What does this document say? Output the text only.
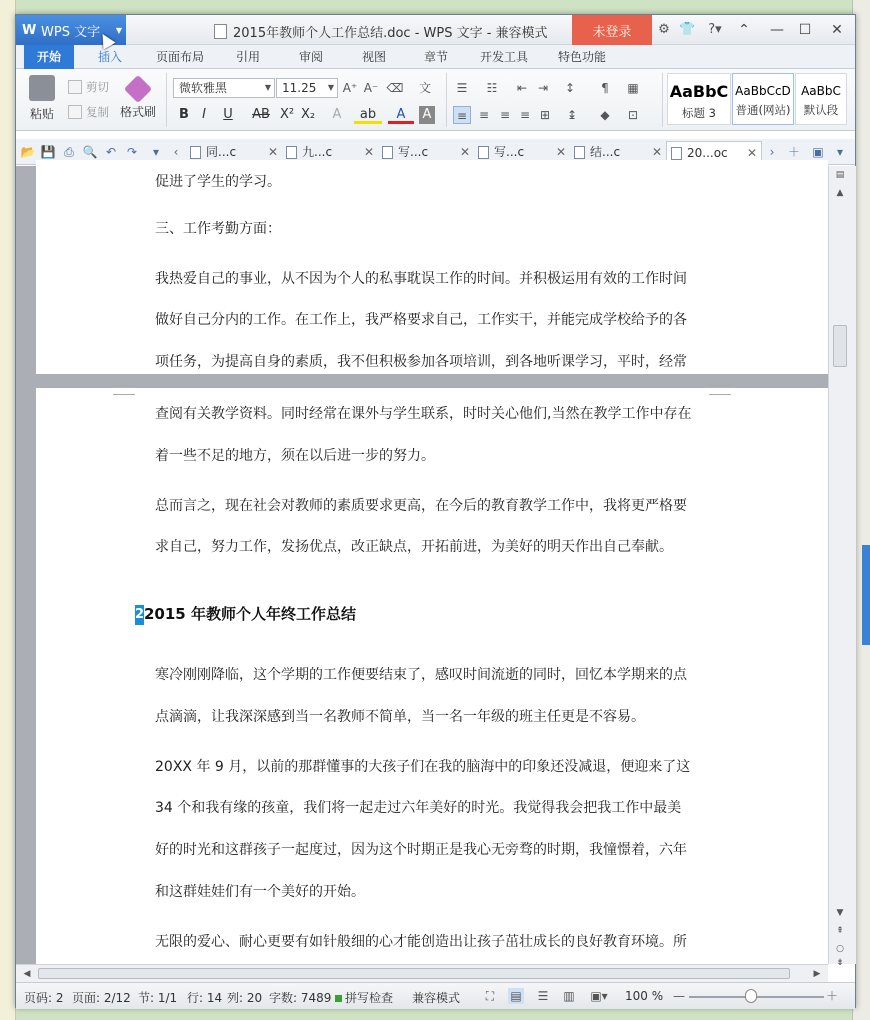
W WPS 文字 ▼	2015年教师个人工作总结.doc - WPS 文字 - 兼容模式	未登录	⚙ 👕	?▾	⌃	—	☐	✕
开始	插入	页面布局	引用	审阅	视图	章节	开发工具	特色功能
粘贴
剪切
复制 格式刷
微软雅黑	▼ 11.25 ▼ A⁺ A⁻ ⌫	文
B	I	U	AB X² X₂	A	ab	A	A
☰	☷	⇤ ⇥	↕	¶	▦
≡ ≡ ≡ ≡ ⊞	↨	◆	⊡
AaBbC
标题 3
AaBbCcD
普通(网站)
AaBbC
默认段
📂 💾 ⎙ 🔍 ↶ ↷	▾	‹	同...c	✕	九...c	✕	写...c	✕	写...c	✕	结...c	✕	20...oc ✕	›	＋ ▣	▾
促进了学生的学习。
三、工作考勤方面：
我热爱自己的事业，从不因为个人的私事耽误工作的时间。并积极运用有效的工作时间
做好自己分内的工作。在工作上，我严格要求自己，工作实干，并能完成学校给予的各
项任务，为提高自身的素质，我不但积极参加各项培训，到各地听课学习，平时，经常
查阅有关教学资料。同时经常在课外与学生联系，时时关心他们,当然在教学工作中存在
着一些不足的地方，须在以后进一步的努力。
总而言之，现在社会对教师的素质要求更高，在今后的教育教学工作中，我将更严格要
求自己，努力工作，发扬优点，改正缺点，开拓前进，为美好的明天作出自己奉献。
22015 年教师个人年终工作总结
寒冷刚刚降临，这个学期的工作便要结束了，感叹时间流逝的同时，回忆本学期来的点
点滴滴，让我深深感到当一名教师不简单，当一名一年级的班主任更是不容易。
20XX 年 9 月，以前的那群懂事的大孩子们在我的脑海中的印象还没减退，便迎来了这
34 个和我有缘的孩童，我们将一起走过六年美好的时光。我觉得我会把我工作中最美
好的时光和这群孩子一起度过，因为这个时期正是我心无旁骛的时期，我憧憬着，六年
和这群娃娃们有一个美好的开始。
无限的爱心、耐心更要有如针般细的心才能创造出让孩子茁壮成长的良好教育环境。所
▤
▲
▼
⇞
○
⇟
◀	▶
页码: 2 页面: 2/12 节: 1/1 行: 14 列: 20 字数: 7489	拼写检查 兼容模式	⛶	▤ ☰ ▥ ▣▾ 100 % —	＋
